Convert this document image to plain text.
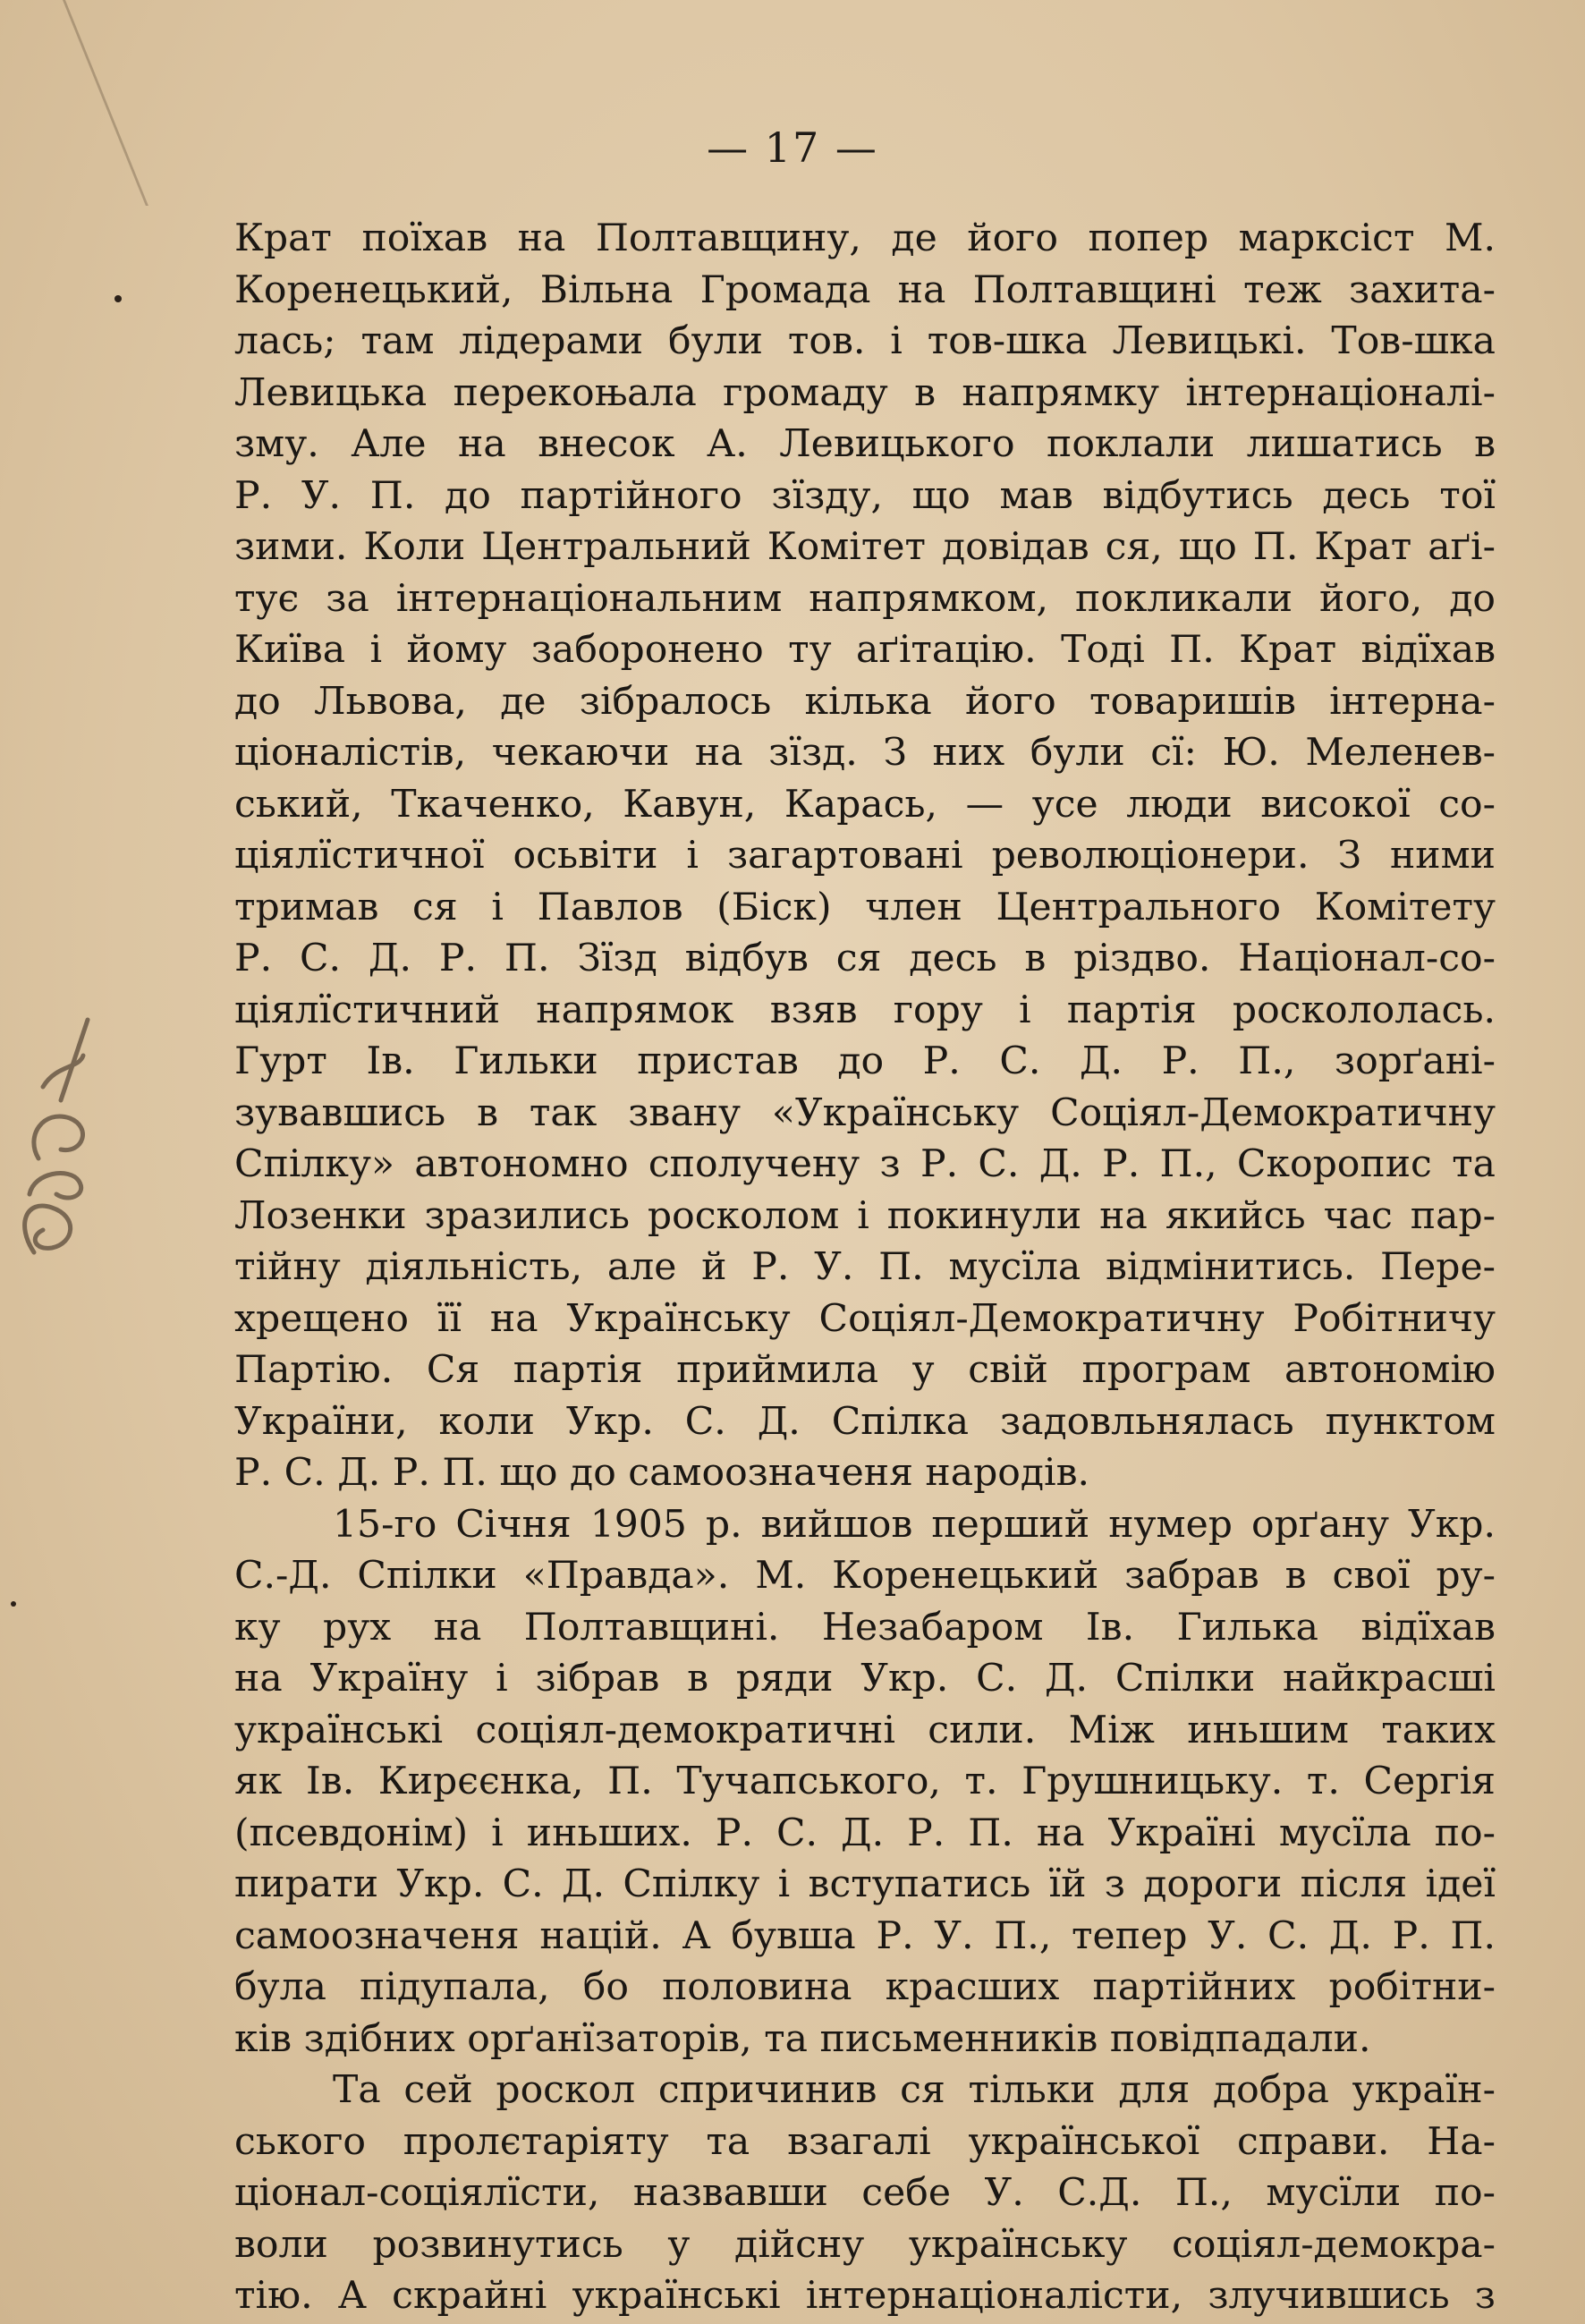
— 17 —
Крат поїхав на Полтавщину, де його попер марксіст М.
Коренецький, Вільна Громада на Полтавщині теж захита-
лась; там лідерами були тов. і тов-шка Левицькі. Тов-шка
Левицька перекоњала громаду в напрямку інтернаціоналі-
зму. Але на внесок А. Левицького поклали лишатись в
Р. У. П. до партійного зїзду, що мав відбутись десь тої
зими. Коли Центральний Комітет довідав ся, що П. Крат аґі-
тує за інтернаціональним напрямком, покликали його, до
Київа і йому заборонено ту аґітацію. Тоді П. Крат відїхав
до Львова, де зібралось кілька його товаришів інтерна-
ціоналістів, чекаючи на зїзд. З них були сї: Ю. Меленев-
ський, Ткаченко, Кавун, Карась, — усе люди високої со-
ціялїстичної осьвіти і загартовані революціонери. З ними
тримав ся і Павлов (Біск) член Центрального Комітету
Р. С. Д. Р. П. Зїзд відбув ся десь в різдво. Націонал-со-
ціялїстичний напрямок взяв гору і партія роскололась.
Гурт Ів. Гильки пристав до Р. С. Д. Р. П., зорґані-
зувавшись в так звану «Українську Соціял-Демократичну
Спілку» автономно сполучену з Р. С. Д. Р. П., Скоропис та
Лозенки зразились росколом і покинули на якийсь час пар-
тійну діяльність, але й Р. У. П. мусїла відмінитись. Пере-
хрещено її на Українську Соціял-Демократичну Робітничу
Партію. Ся партія приймила у свій програм автономію
України, коли Укр. С. Д. Спілка задовльнялась пунктом
Р. С. Д. Р. П. що до самоозначеня народів.
15-го Січня 1905 р. вийшов перший нумер орґану Укр.
С.-Д. Спілки «Правда». М. Коренецький забрав в свої ру-
ку рух на Полтавщині. Незабаром Ів. Гилька відїхав
на Україну і зібрав в ряди Укр. С. Д. Спілки найкрасші
українські соціял-демократичні сили. Між иньшим таких
як Ів. Кирєєнка, П. Тучапського, т. Грушницьку. т. Сергія
(псевдонім) і иньших. Р. С. Д. Р. П. на Україні мусїла по-
пирати Укр. С. Д. Спілку і вступатись їй з дороги після ідеї
самоозначеня націй. А бувша Р. У. П., тепер У. С. Д. Р. П.
була підупала, бо половина красших партійних робітни-
ків здібних орґанїзаторів, та письменників повідпадали.
Та сей роскол спричинив ся тільки для добра україн-
ського пролєтаріяту та взагалі української справи. На-
ціонал-соціялїсти, назвавши себе У. С.Д. П., мусїли по-
воли розвинутись у дійсну українську соціял-демокра-
тію. А скрайні українські інтернаціоналісти, злучившись з
